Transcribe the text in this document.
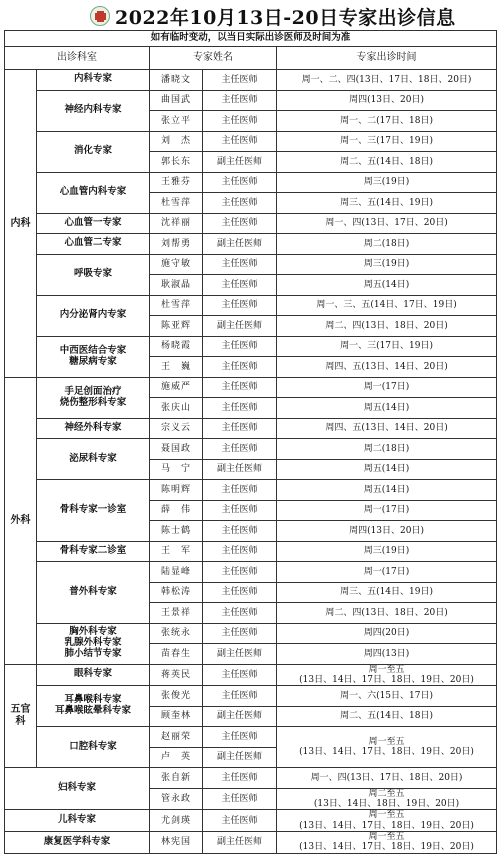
2022年10月13日-20日专家出诊信息
如有临时变动，以当日实际出诊医师及时间为准				
出诊科室		专家姓名		专家出诊时间
内科	内科专家	潘晓文	主任医师	周一、二、四(13日、17日、18日、20日)
	神经内科专家	曲国武	主任医师	周四(13日、20日)
		张立平	主任医师	周一、二(17日、18日)
	消化专家	刘　杰	主任医师	周一、三(17日、19日)
		郭长东	副主任医师	周二、五(14日、18日)
	心血管内科专家	王雅芬	主任医师	周三(19日)
		杜雪萍	主任医师	周三、五(14日、19日)
	心血管一专家	沈祥丽	主任医师	周一、四(13日、17日、20日)
	心血管二专家	刘帮勇	副主任医师	周二(18日)
	呼吸专家	施守敏	主任医师	周三(19日)
		耿淑晶	主任医师	周五(14日)
	内分泌肾内专家	杜雪萍	主任医师	周一、三、五(14日、17日、19日)
		陈亚辉	副主任医师	周二、四(13日、18日、20日)

	中西医结合专家
糖尿病专家	杨晓霞	主任医师	周一、三(17日、19日)
		王　巍	主任医师	周四、五(13日、14日、20日)
外科	手足创面治疗
烧伤整形科专家	施威严	主任医师	周一(17日)
		张庆山	主任医师	周五(14日)
	神经外科专家	宗义云	主任医师	周四、五(13日、14日、20日)
	泌尿科专家	聂国政	主任医师	周二(18日)
		马　宁	副主任医师	周五(14日)
	骨科专家一诊室	陈明辉	主任医师	周五(14日)
		薛　伟	主任医师	周一(17日)
		陈士鹤	主任医师	周四(13日、20日)
	骨科专家二诊室	王　军	主任医师	周三(19日)
	普外科专家	陆显峰	主任医师	周一(17日)
		韩松涛	主任医师	周三、五(14日、19日)
		王景祥	主任医师	周二、四(13日、18日、20日)

	胸外科专家
乳腺外科专家
肺小结节专家	张统永	主任医师	周四(20日)
		苗春生	副主任医师	周四(13日)
五官科	眼科专家	蒋英民	主任医师	周一至五
(13日、14日、17日、18日、19日、20日)

	耳鼻喉科专家
耳鼻喉眩晕科专家	张俊光	主任医师	周一、六(15日、17日)
		顾奎林	副主任医师	周二、五(14日、18日)
	口腔科专家	赵丽荣	主任医师	周一至五
(13日、14日、17日、18日、19日、20日)

		卢　英	副主任医师	
妇科专家		张自新	主任医师	周一、四(13日、17日、18日、20日)
		管永政	主任医师	周二至五
(13日、14日、18日、19日、20日)

儿科专家		尤剑瑛	主任医师	周一至五
(13日、14日、17日、18日、19日、20日)

康复医学科专家		林宪国	副主任医师	周一至五
(13日、14日、17日、18日、19日、20日)
